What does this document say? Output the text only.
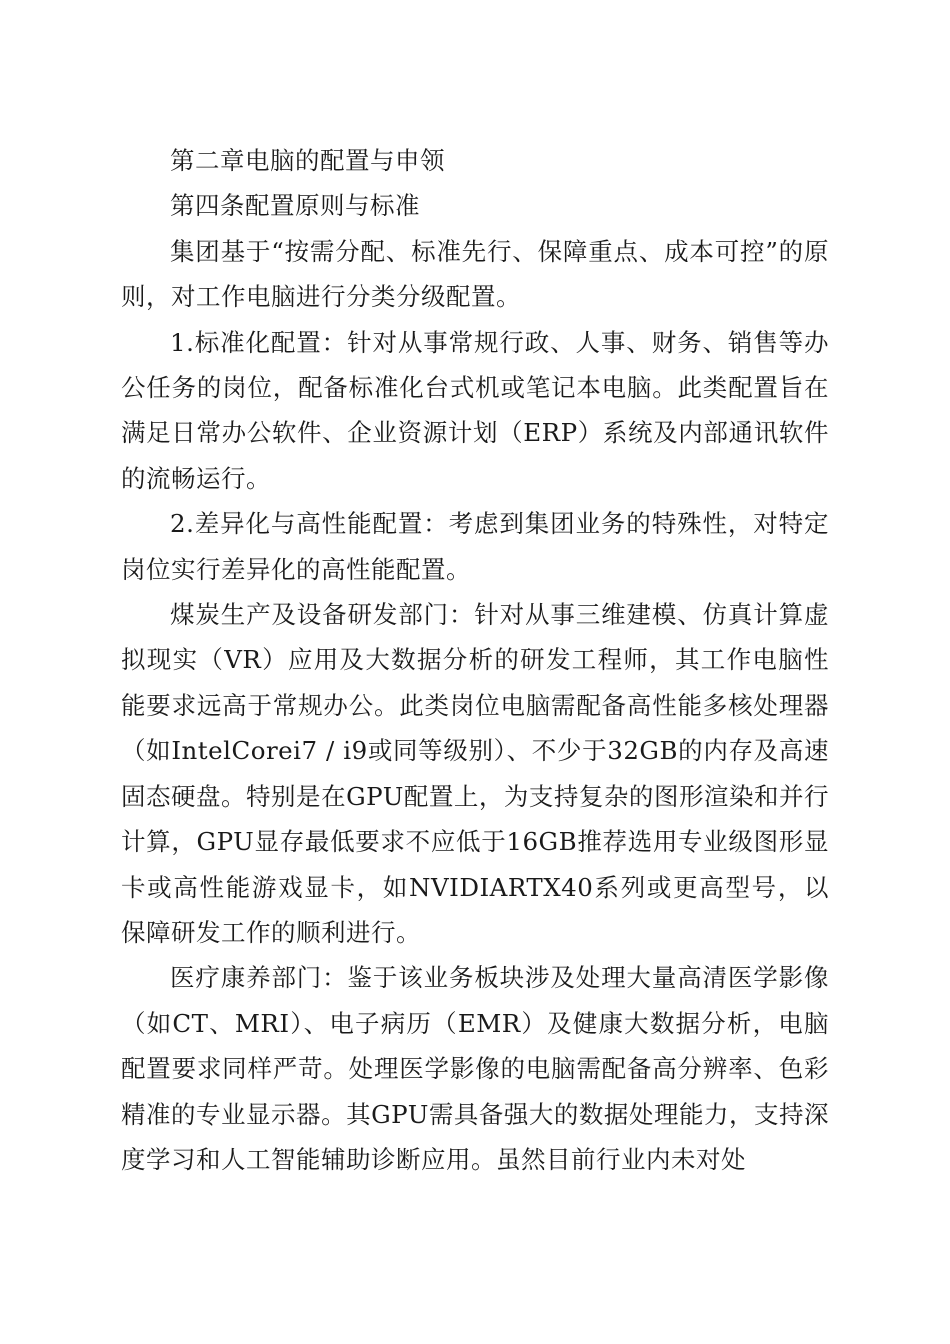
第二章电脑的配置与申领

第四条配置原则与标准

集团基于“按需分配、标准先行、保障重点、成本可控”的原则，对工作电脑进行分类分级配置。

1.标准化配置：针对从事常规行政、人事、财务、销售等办公任务的岗位，配备标准化台式机或笔记本电脑。此类配置旨在满足日常办公软件、企业资源计划（ERP）系统及内部通讯软件的流畅运行。

2.差异化与高性能配置：考虑到集团业务的特殊性，对特定岗位实行差异化的高性能配置。

煤炭生产及设备研发部门：针对从事三维建模、仿真计算虚拟现实（VR）应用及大数据分析的研发工程师，其工作电脑性能要求远高于常规办公。此类岗位电脑需配备高性能多核处理器（如IntelCorei7 / i9或同等级别）、不少于32GB的内存及高速固态硬盘。特别是在GPU配置上，为支持复杂的图形渲染和并行计算，GPU显存最低要求不应低于16GB推荐选用专业级图形显卡或高性能游戏显卡，如NVIDIARTX40系列或更高型号，以保障研发工作的顺利进行。

医疗康养部门：鉴于该业务板块涉及处理大量高清医学影像（如CT、MRI）、电子病历（EMR）及健康大数据分析，电脑配置要求同样严苛。处理医学影像的电脑需配备高分辨率、色彩精准的专业显示器。其GPU需具备强大的数据处理能力，支持深度学习和人工智能辅助诊断应用。虽然目前行业内未对处
